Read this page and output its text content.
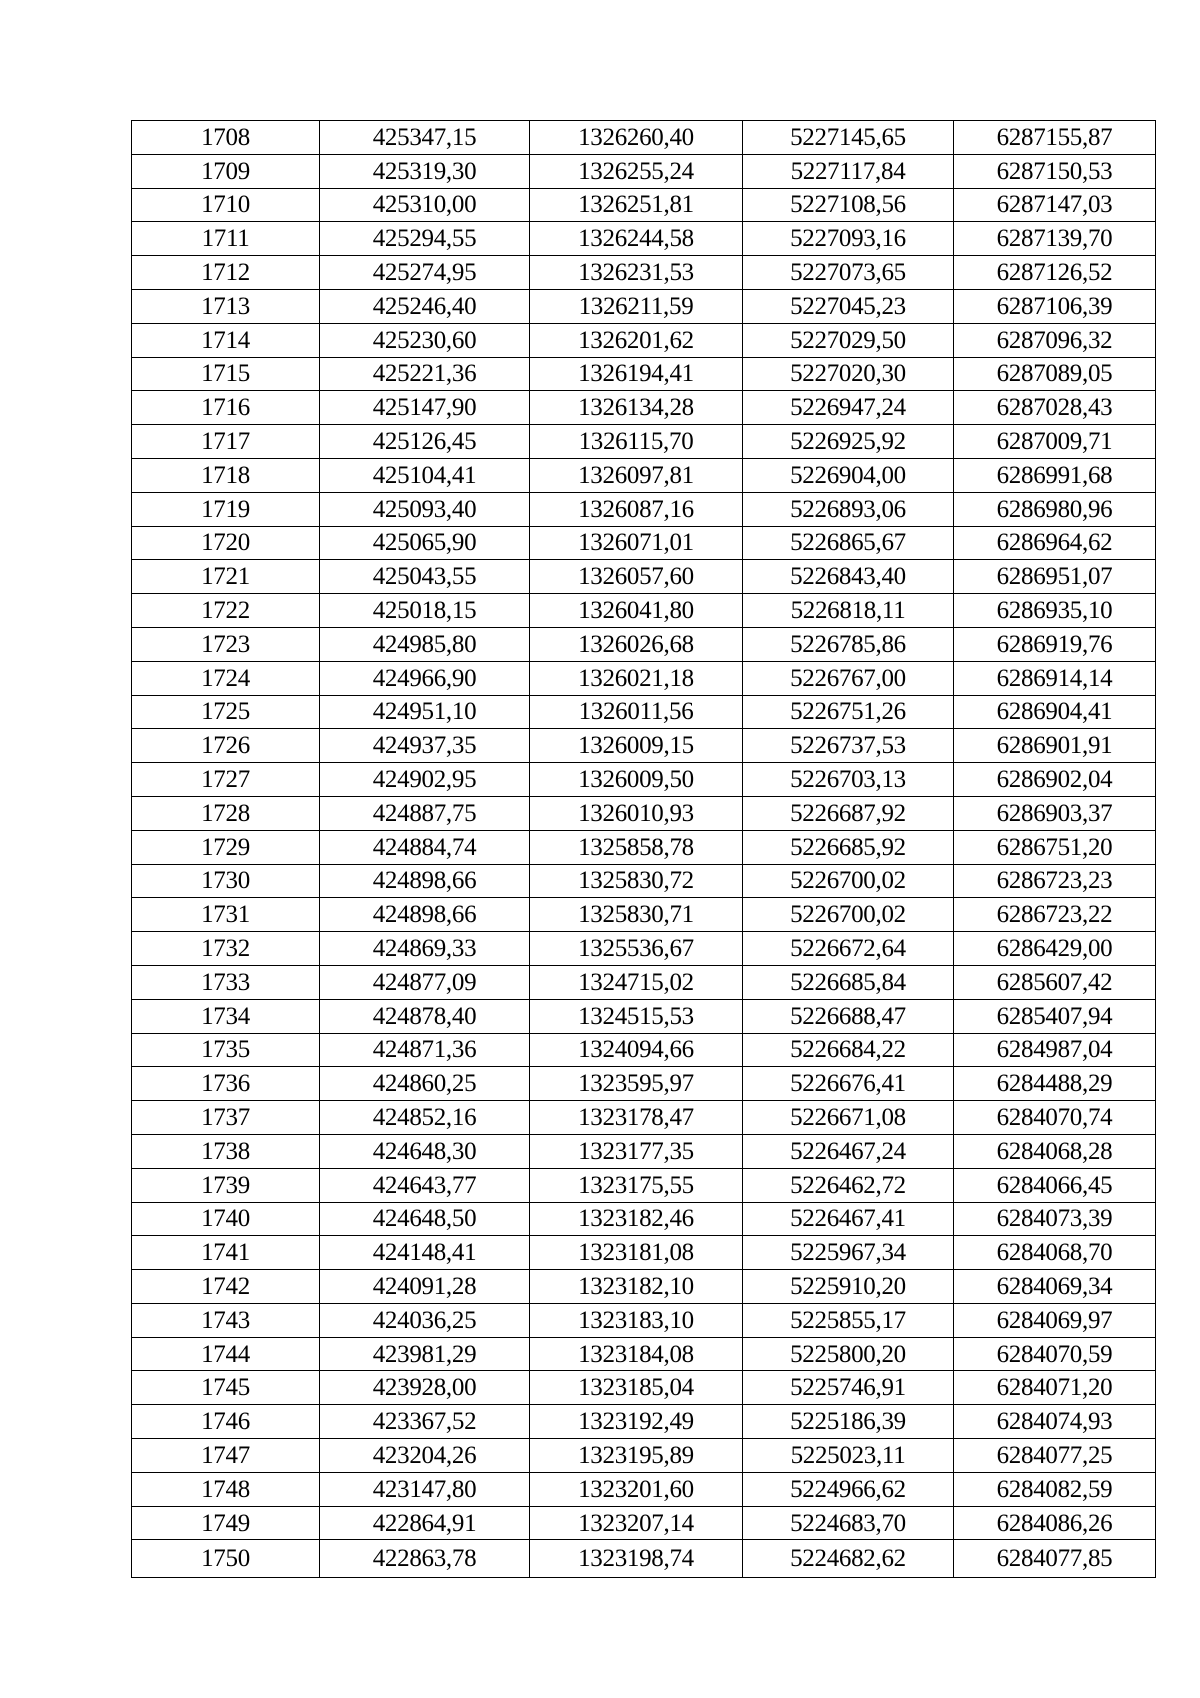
1708	425347,15	1326260,40	5227145,65	6287155,87
1709	425319,30	1326255,24	5227117,84	6287150,53
1710	425310,00	1326251,81	5227108,56	6287147,03
1711	425294,55	1326244,58	5227093,16	6287139,70
1712	425274,95	1326231,53	5227073,65	6287126,52
1713	425246,40	1326211,59	5227045,23	6287106,39
1714	425230,60	1326201,62	5227029,50	6287096,32
1715	425221,36	1326194,41	5227020,30	6287089,05
1716	425147,90	1326134,28	5226947,24	6287028,43
1717	425126,45	1326115,70	5226925,92	6287009,71
1718	425104,41	1326097,81	5226904,00	6286991,68
1719	425093,40	1326087,16	5226893,06	6286980,96
1720	425065,90	1326071,01	5226865,67	6286964,62
1721	425043,55	1326057,60	5226843,40	6286951,07
1722	425018,15	1326041,80	5226818,11	6286935,10
1723	424985,80	1326026,68	5226785,86	6286919,76
1724	424966,90	1326021,18	5226767,00	6286914,14
1725	424951,10	1326011,56	5226751,26	6286904,41
1726	424937,35	1326009,15	5226737,53	6286901,91
1727	424902,95	1326009,50	5226703,13	6286902,04
1728	424887,75	1326010,93	5226687,92	6286903,37
1729	424884,74	1325858,78	5226685,92	6286751,20
1730	424898,66	1325830,72	5226700,02	6286723,23
1731	424898,66	1325830,71	5226700,02	6286723,22
1732	424869,33	1325536,67	5226672,64	6286429,00
1733	424877,09	1324715,02	5226685,84	6285607,42
1734	424878,40	1324515,53	5226688,47	6285407,94
1735	424871,36	1324094,66	5226684,22	6284987,04
1736	424860,25	1323595,97	5226676,41	6284488,29
1737	424852,16	1323178,47	5226671,08	6284070,74
1738	424648,30	1323177,35	5226467,24	6284068,28
1739	424643,77	1323175,55	5226462,72	6284066,45
1740	424648,50	1323182,46	5226467,41	6284073,39
1741	424148,41	1323181,08	5225967,34	6284068,70
1742	424091,28	1323182,10	5225910,20	6284069,34
1743	424036,25	1323183,10	5225855,17	6284069,97
1744	423981,29	1323184,08	5225800,20	6284070,59
1745	423928,00	1323185,04	5225746,91	6284071,20
1746	423367,52	1323192,49	5225186,39	6284074,93
1747	423204,26	1323195,89	5225023,11	6284077,25
1748	423147,80	1323201,60	5224966,62	6284082,59
1749	422864,91	1323207,14	5224683,70	6284086,26
1750	422863,78	1323198,74	5224682,62	6284077,85
